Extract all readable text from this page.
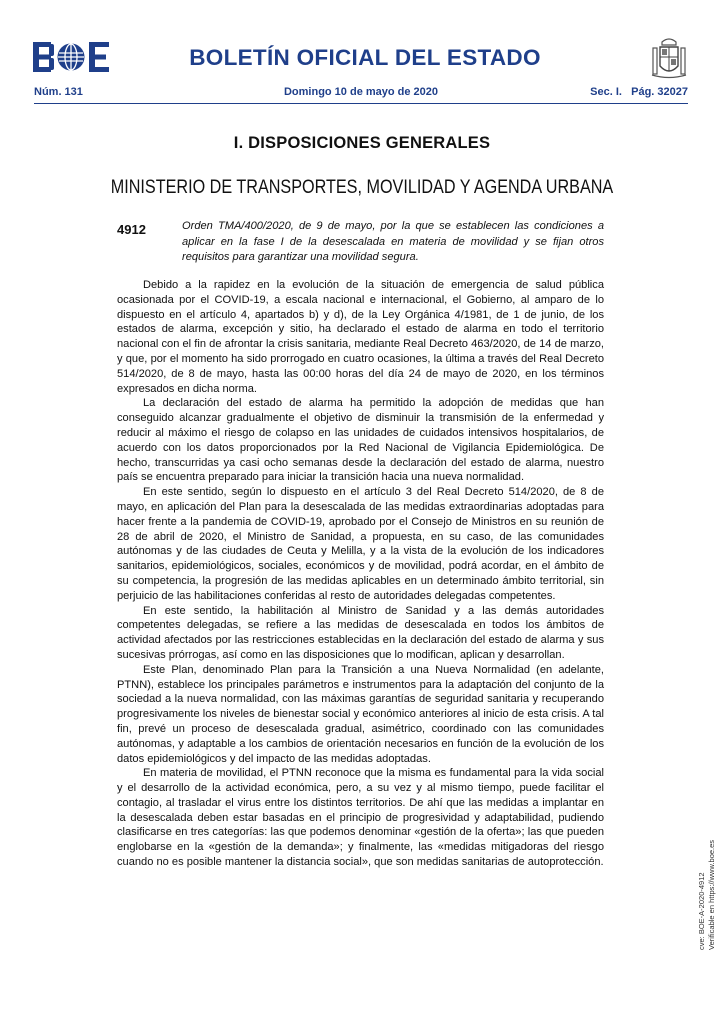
BOLETÍN OFICIAL DEL ESTADO
Núm. 131	Domingo 10 de mayo de 2020	Sec. I.   Pág. 32027
I. DISPOSICIONES GENERALES
MINISTERIO DE TRANSPORTES, MOVILIDAD Y AGENDA URBANA
4912	Orden TMA/400/2020, de 9 de mayo, por la que se establecen las condiciones a aplicar en la fase I de la desescalada en materia de movilidad y se fijan otros requisitos para garantizar una movilidad segura.

Debido a la rapidez en la evolución de la situación de emergencia de salud pública ocasionada por el COVID-19, a escala nacional e internacional, el Gobierno, al amparo de lo dispuesto en el artículo 4, apartados b) y d), de la Ley Orgánica 4/1981, de 1 de junio, de los estados de alarma, excepción y sitio, ha declarado el estado de alarma en todo el territorio nacional con el fin de afrontar la crisis sanitaria, mediante Real Decreto 463/2020, de 14 de marzo, y que, por el momento ha sido prorrogado en cuatro ocasiones, la última a través del Real Decreto 514/2020, de 8 de mayo, hasta las 00:00 horas del día 24 de mayo de 2020, en los términos expresados en dicha norma.

La declaración del estado de alarma ha permitido la adopción de medidas que han conseguido alcanzar gradualmente el objetivo de disminuir la transmisión de la enfermedad y reducir al máximo el riesgo de colapso en las unidades de cuidados intensivos hospitalarios, de acuerdo con los datos proporcionados por la Red Nacional de Vigilancia Epidemiológica. De hecho, transcurridas ya casi ocho semanas desde la declaración del estado de alarma, nuestro país se encuentra preparado para iniciar la transición hacia una nueva normalidad.

En este sentido, según lo dispuesto en el artículo 3 del Real Decreto 514/2020, de 8 de mayo, en aplicación del Plan para la desescalada de las medidas extraordinarias adoptadas para hacer frente a la pandemia de COVID-19, aprobado por el Consejo de Ministros en su reunión de 28 de abril de 2020, el Ministro de Sanidad, a propuesta, en su caso, de las comunidades autónomas y de las ciudades de Ceuta y Melilla, y a la vista de la evolución de los indicadores sanitarios, epidemiológicos, sociales, económicos y de movilidad, podrá acordar, en el ámbito de su competencia, la progresión de las medidas aplicables en un determinado ámbito territorial, sin perjuicio de las habilitaciones conferidas al resto de autoridades delegadas competentes.

En este sentido, la habilitación al Ministro de Sanidad y a las demás autoridades competentes delegadas, se refiere a las medidas de desescalada en todos los ámbitos de actividad afectados por las restricciones establecidas en la declaración del estado de alarma y sus sucesivas prórrogas, así como en las disposiciones que lo modifican, aplican y desarrollan.

Este Plan, denominado Plan para la Transición a una Nueva Normalidad (en adelante, PTNN), establece los principales parámetros e instrumentos para la adaptación del conjunto de la sociedad a la nueva normalidad, con las máximas garantías de seguridad sanitaria y recuperando progresivamente los niveles de bienestar social y económico anteriores al inicio de esta crisis. A tal fin, prevé un proceso de desescalada gradual, asimétrico, coordinado con las comunidades autónomas, y adaptable a los cambios de orientación necesarios en función de la evolución de los datos epidemiológicos y del impacto de las medidas adoptadas.

En materia de movilidad, el PTNN reconoce que la misma es fundamental para la vida social y el desarrollo de la actividad económica, pero, a su vez y al mismo tiempo, puede facilitar el contagio, al trasladar el virus entre los distintos territorios. De ahí que las medidas a implantar en la desescalada deben estar basadas en el principio de progresividad y adaptabilidad, pudiendo clasificarse en tres categorías: las que podemos denominar «gestión de la oferta»; las que pueden englobarse en la «gestión de la demanda»; y finalmente, las «medidas mitigadoras del riesgo cuando no es posible mantener la distancia social», que son medidas sanitarias de autoprotección.

cve: BOE-A-2020-4912 Verificable en https://www.boe.es
